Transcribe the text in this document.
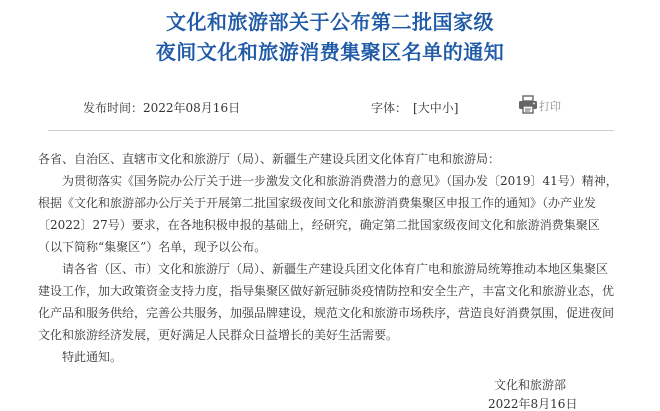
文化和旅游部关于公布第二批国家级
夜间文化和旅游消费集聚区名单的通知
发布时间：2022年08月16日	字体： [大中小]	打印

各省、自治区、直辖市文化和旅游厅（局）、新疆生产建设兵团文化体育广电和旅游局：

为贯彻落实《国务院办公厅关于进一步激发文化和旅游消费潜力的意见》（国办发〔2019〕41号）精神，根据《文化和旅游部办公厅关于开展第二批国家级夜间文化和旅游消费集聚区申报工作的通知》（办产业发〔2022〕27号）要求，在各地积极申报的基础上，经研究，确定第二批国家级夜间文化和旅游消费集聚区（以下简称“集聚区”）名单，现予以公布。

请各省（区、市）文化和旅游厅（局）、新疆生产建设兵团文化体育广电和旅游局统筹推动本地区集聚区建设工作，加大政策资金支持力度，指导集聚区做好新冠肺炎疫情防控和安全生产，丰富文化和旅游业态，优化产品和服务供给，完善公共服务，加强品牌建设，规范文化和旅游市场秩序，营造良好消费氛围，促进夜间文化和旅游经济发展，更好满足人民群众日益增长的美好生活需要。

特此通知。

文化和旅游部
2022年8月16日
